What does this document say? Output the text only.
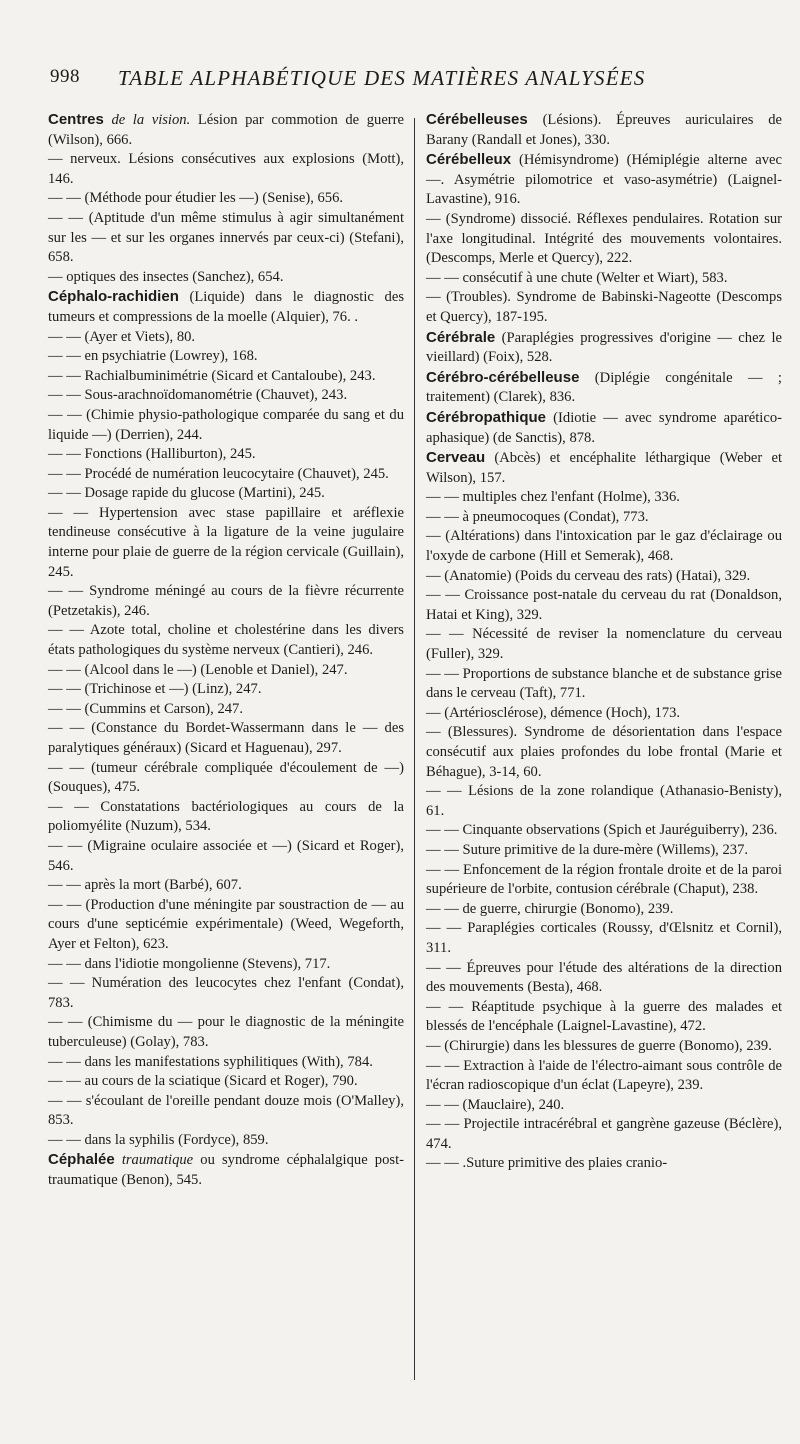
998 TABLE ALPHABÉTIQUE DES MATIÈRES ANALYSÉES

Centres de la vision. Lésion par commotion de guerre (Wilson), 666.

— nerveux. Lésions consécutives aux explosions (Mott), 146.

— — (Méthode pour étudier les —) (Senise), 656.

— — (Aptitude d'un même stimulus à agir simultanément sur les — et sur les organes innervés par ceux-ci) (Stefani), 658.

— optiques des insectes (Sanchez), 654.

Céphalo-rachidien (Liquide) dans le diagnostic des tumeurs et compressions de la moelle (Alquier), 76. .

— — (Ayer et Viets), 80.

— — en psychiatrie (Lowrey), 168.

— — Rachialbuminimétrie (Sicard et Cantaloube), 243.

— — Sous-arachnoïdomanométrie (Chauvet), 243.

— — (Chimie physio-pathologique comparée du sang et du liquide —) (Derrien), 244.

— — Fonctions (Halliburton), 245.

— — Procédé de numération leucocytaire (Chauvet), 245.

— — Dosage rapide du glucose (Martini), 245.

— — Hypertension avec stase papillaire et aréflexie tendineuse consécutive à la ligature de la veine jugulaire interne pour plaie de guerre de la région cervicale (Guillain), 245.

— — Syndrome méningé au cours de la fièvre récurrente (Petzetakis), 246.

— — Azote total, choline et cholestérine dans les divers états pathologiques du système nerveux (Cantieri), 246.

— — (Alcool dans le —) (Lenoble et Daniel), 247.

— — (Trichinose et —) (Linz), 247.

— — (Cummins et Carson), 247.

— — (Constance du Bordet-Wassermann dans le — des paralytiques généraux) (Sicard et Haguenau), 297.

— — (tumeur cérébrale compliquée d'écoulement de —) (Souques), 475.

— — Constatations bactériologiques au cours de la poliomyélite (Nuzum), 534.

— — (Migraine oculaire associée et —) (Sicard et Roger), 546.

— — après la mort (Barbé), 607.

— — (Production d'une méningite par soustraction de — au cours d'une septicémie expérimentale) (Weed, Wegeforth, Ayer et Felton), 623.

— — dans l'idiotie mongolienne (Stevens), 717.

— — Numération des leucocytes chez l'enfant (Condat), 783.

— — (Chimisme du — pour le diagnostic de la méningite tuberculeuse) (Golay), 783.

— — dans les manifestations syphilitiques (With), 784.

— — au cours de la sciatique (Sicard et Roger), 790.

— — s'écoulant de l'oreille pendant douze mois (O'Malley), 853.

— — dans la syphilis (Fordyce), 859.

Céphalée traumatique ou syndrome céphalalgique post-traumatique (Benon), 545.

Cérébelleuses (Lésions). Épreuves auriculaires de Barany (Randall et Jones), 330.

Cérébelleux (Hémisyndrome) (Hémiplégie alterne avec —. Asymétrie pilomotrice et vaso-asymétrie) (Laignel-Lavastine), 916.

— (Syndrome) dissocié. Réflexes pendulaires. Rotation sur l'axe longitudinal. Intégrité des mouvements volontaires. (Descomps, Merle et Quercy), 222.

— — consécutif à une chute (Welter et Wiart), 583.

— (Troubles). Syndrome de Babinski-Nageotte (Descomps et Quercy), 187-195.

Cérébrale (Paraplégies progressives d'origine — chez le vieillard) (Foix), 528.

Cérébro-cérébelleuse (Diplégie congénitale — ; traitement) (Clarek), 836.

Cérébropathique (Idiotie — avec syndrome aparético-aphasique) (de Sanctis), 878.

Cerveau (Abcès) et encéphalite léthargique (Weber et Wilson), 157.

— — multiples chez l'enfant (Holme), 336.

— — à pneumocoques (Condat), 773.

— (Altérations) dans l'intoxication par le gaz d'éclairage ou l'oxyde de carbone (Hill et Semerak), 468.

— (Anatomie) (Poids du cerveau des rats) (Hatai), 329.

— — Croissance post-natale du cerveau du rat (Donaldson, Hatai et King), 329.

— — Nécessité de reviser la nomenclature du cerveau (Fuller), 329.

— — Proportions de substance blanche et de substance grise dans le cerveau (Taft), 771.

— (Artériosclérose), démence (Hoch), 173.

— (Blessures). Syndrome de désorientation dans l'espace consécutif aux plaies profondes du lobe frontal (Marie et Béhague), 3-14, 60.

— — Lésions de la zone rolandique (Athanasio-Benisty), 61.

— — Cinquante observations (Spich et Jauréguiberry), 236.

— — Suture primitive de la dure-mère (Willems), 237.

— — Enfoncement de la région frontale droite et de la paroi supérieure de l'orbite, contusion cérébrale (Chaput), 238.

— — de guerre, chirurgie (Bonomo), 239.

— — Paraplégies corticales (Roussy, d'Œlsnitz et Cornil), 311.

— — Épreuves pour l'étude des altérations de la direction des mouvements (Besta), 468.

— — Réaptitude psychique à la guerre des malades et blessés de l'encéphale (Laignel-Lavastine), 472.

— (Chirurgie) dans les blessures de guerre (Bonomo), 239.

— — Extraction à l'aide de l'électro-aimant sous contrôle de l'écran radioscopique d'un éclat (Lapeyre), 239.

— — (Mauclaire), 240.

— — Projectile intracérébral et gangrène gazeuse (Béclère), 474.

— — .Suture primitive des plaies cranio-
